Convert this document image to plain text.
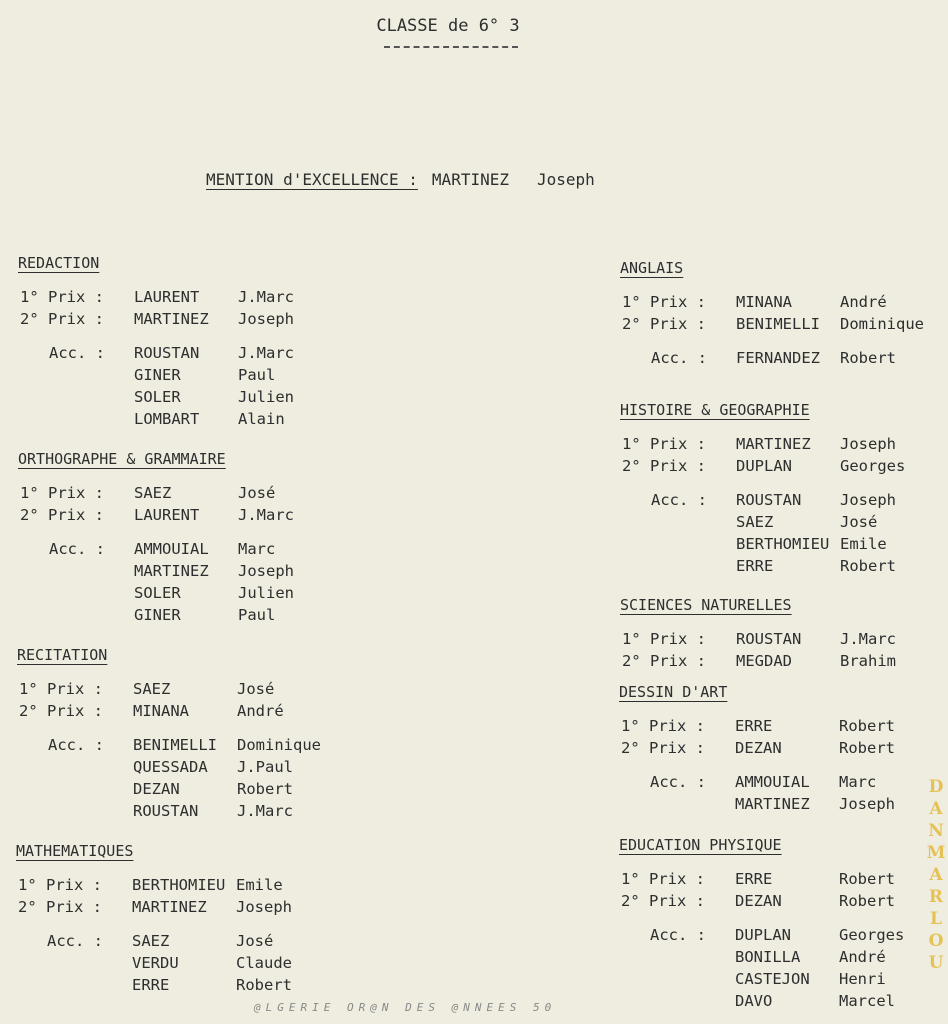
CLASSE de 6° 3
MENTION d'EXCELLENCE : MARTINEZ Joseph
REDACTION
1° Prix : LAURENT J.Marc
2° Prix : MARTINEZ Joseph
Acc. : ROUSTAN J.Marc
GINER	Paul
SOLER	Julien
LOMBART Alain
ORTHOGRAPHE & GRAMMAIRE
1° Prix : SAEZ	José
2° Prix : LAURENT J.Marc
Acc. : AMMOUIAL Marc
MARTINEZ Joseph
SOLER	Julien
GINER	Paul
RECITATION
1° Prix : SAEZ	José
2° Prix : MINANA	André
Acc. : BENIMELLI Dominique
QUESSADA J.Paul
DEZAN	Robert
ROUSTAN J.Marc
MATHEMATIQUES
1° Prix : BERTHOMIEU Emile
2° Prix : MARTINEZ Joseph
Acc. : SAEZ	José
VERDU	Claude
ERRE	Robert
ANGLAIS
1° Prix : MINANA	André
2° Prix : BENIMELLI Dominique
Acc. : FERNANDEZ Robert
HISTOIRE & GEOGRAPHIE
1° Prix : MARTINEZ Joseph
2° Prix : DUPLAN	Georges
Acc. : ROUSTAN Joseph
SAEZ	José
BERTHOMIEU Emile
ERRE	Robert
SCIENCES NATURELLES
1° Prix : ROUSTAN J.Marc
2° Prix : MEGDAD	Brahim
DESSIN D'ART
1° Prix : ERRE	Robert
2° Prix : DEZAN	Robert
Acc. : AMMOUIAL Marc
MARTINEZ Joseph
EDUCATION PHYSIQUE
1° Prix : ERRE	Robert
2° Prix : DEZAN	Robert
Acc. : DUPLAN	Georges
BONILLA André
CASTEJON Henri
DAVO	Marcel
DANMARLOU
@LGERIE OR@N DES @NNEES 50
